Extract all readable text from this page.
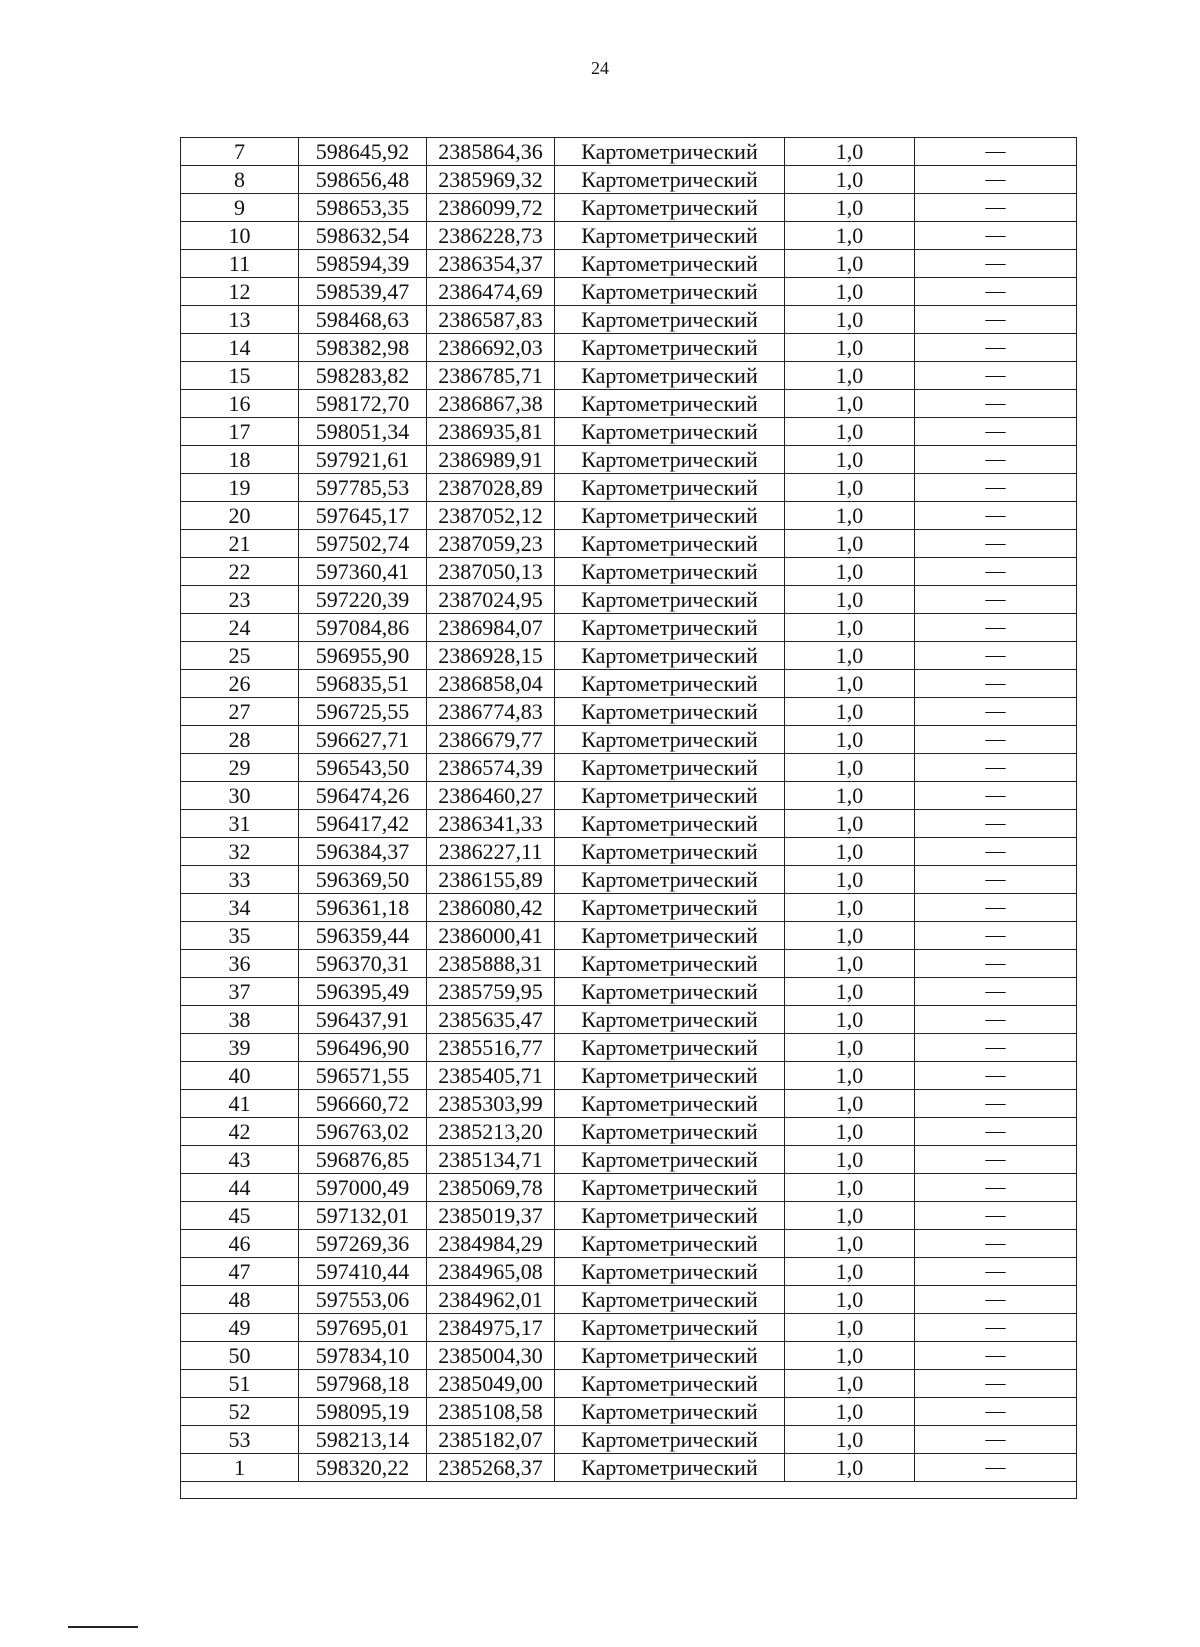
24
7	598645,92	2385864,36	Картометрический	1,0	—
8	598656,48	2385969,32	Картометрический	1,0	—
9	598653,35	2386099,72	Картометрический	1,0	—
10	598632,54	2386228,73	Картометрический	1,0	—
11	598594,39	2386354,37	Картометрический	1,0	—
12	598539,47	2386474,69	Картометрический	1,0	—
13	598468,63	2386587,83	Картометрический	1,0	—
14	598382,98	2386692,03	Картометрический	1,0	—
15	598283,82	2386785,71	Картометрический	1,0	—
16	598172,70	2386867,38	Картометрический	1,0	—
17	598051,34	2386935,81	Картометрический	1,0	—
18	597921,61	2386989,91	Картометрический	1,0	—
19	597785,53	2387028,89	Картометрический	1,0	—
20	597645,17	2387052,12	Картометрический	1,0	—
21	597502,74	2387059,23	Картометрический	1,0	—
22	597360,41	2387050,13	Картометрический	1,0	—
23	597220,39	2387024,95	Картометрический	1,0	—
24	597084,86	2386984,07	Картометрический	1,0	—
25	596955,90	2386928,15	Картометрический	1,0	—
26	596835,51	2386858,04	Картометрический	1,0	—
27	596725,55	2386774,83	Картометрический	1,0	—
28	596627,71	2386679,77	Картометрический	1,0	—
29	596543,50	2386574,39	Картометрический	1,0	—
30	596474,26	2386460,27	Картометрический	1,0	—
31	596417,42	2386341,33	Картометрический	1,0	—
32	596384,37	2386227,11	Картометрический	1,0	—
33	596369,50	2386155,89	Картометрический	1,0	—
34	596361,18	2386080,42	Картометрический	1,0	—
35	596359,44	2386000,41	Картометрический	1,0	—
36	596370,31	2385888,31	Картометрический	1,0	—
37	596395,49	2385759,95	Картометрический	1,0	—
38	596437,91	2385635,47	Картометрический	1,0	—
39	596496,90	2385516,77	Картометрический	1,0	—
40	596571,55	2385405,71	Картометрический	1,0	—
41	596660,72	2385303,99	Картометрический	1,0	—
42	596763,02	2385213,20	Картометрический	1,0	—
43	596876,85	2385134,71	Картометрический	1,0	—
44	597000,49	2385069,78	Картометрический	1,0	—
45	597132,01	2385019,37	Картометрический	1,0	—
46	597269,36	2384984,29	Картометрический	1,0	—
47	597410,44	2384965,08	Картометрический	1,0	—
48	597553,06	2384962,01	Картометрический	1,0	—
49	597695,01	2384975,17	Картометрический	1,0	—
50	597834,10	2385004,30	Картометрический	1,0	—
51	597968,18	2385049,00	Картометрический	1,0	—
52	598095,19	2385108,58	Картометрический	1,0	—
53	598213,14	2385182,07	Картометрический	1,0	—
1	598320,22	2385268,37	Картометрический	1,0	—
